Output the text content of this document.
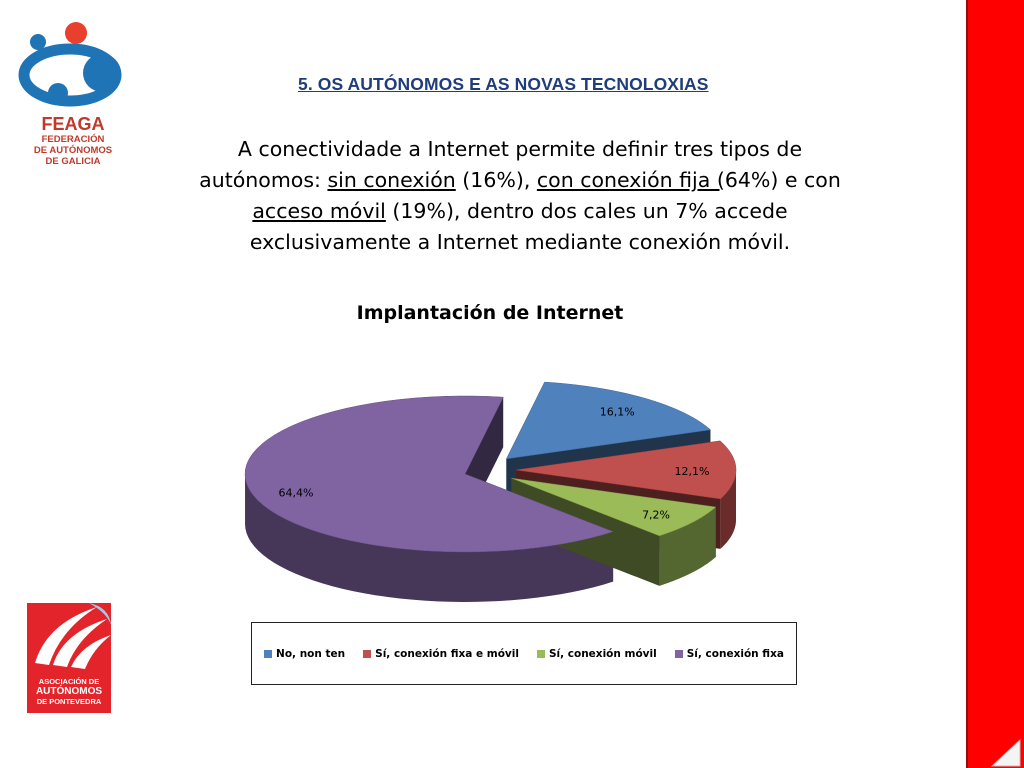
FEAGA
FEDERACIÓN
DE AUTÓNOMOS
DE GALICIA
5. OS AUTÓNOMOS E AS NOVAS TECNOLOXIAS
A conectividade a Internet permite definir tres tipos de autónomos: sin conexión (16%), con conexión fija (64%) e con acceso móvil (19%), dentro dos cales un 7% accede exclusivamente a Internet mediante conexión móvil.
Implantación de Internet
16,1%
12,1%
7,2%
64,4%
No, non ten	Sí, conexión fixa e móvil	Sí, conexión móvil	Sí, conexión fixa
ASOCIACIÓN DE
AUTÓNOMOS
DE PONTEVEDRA
